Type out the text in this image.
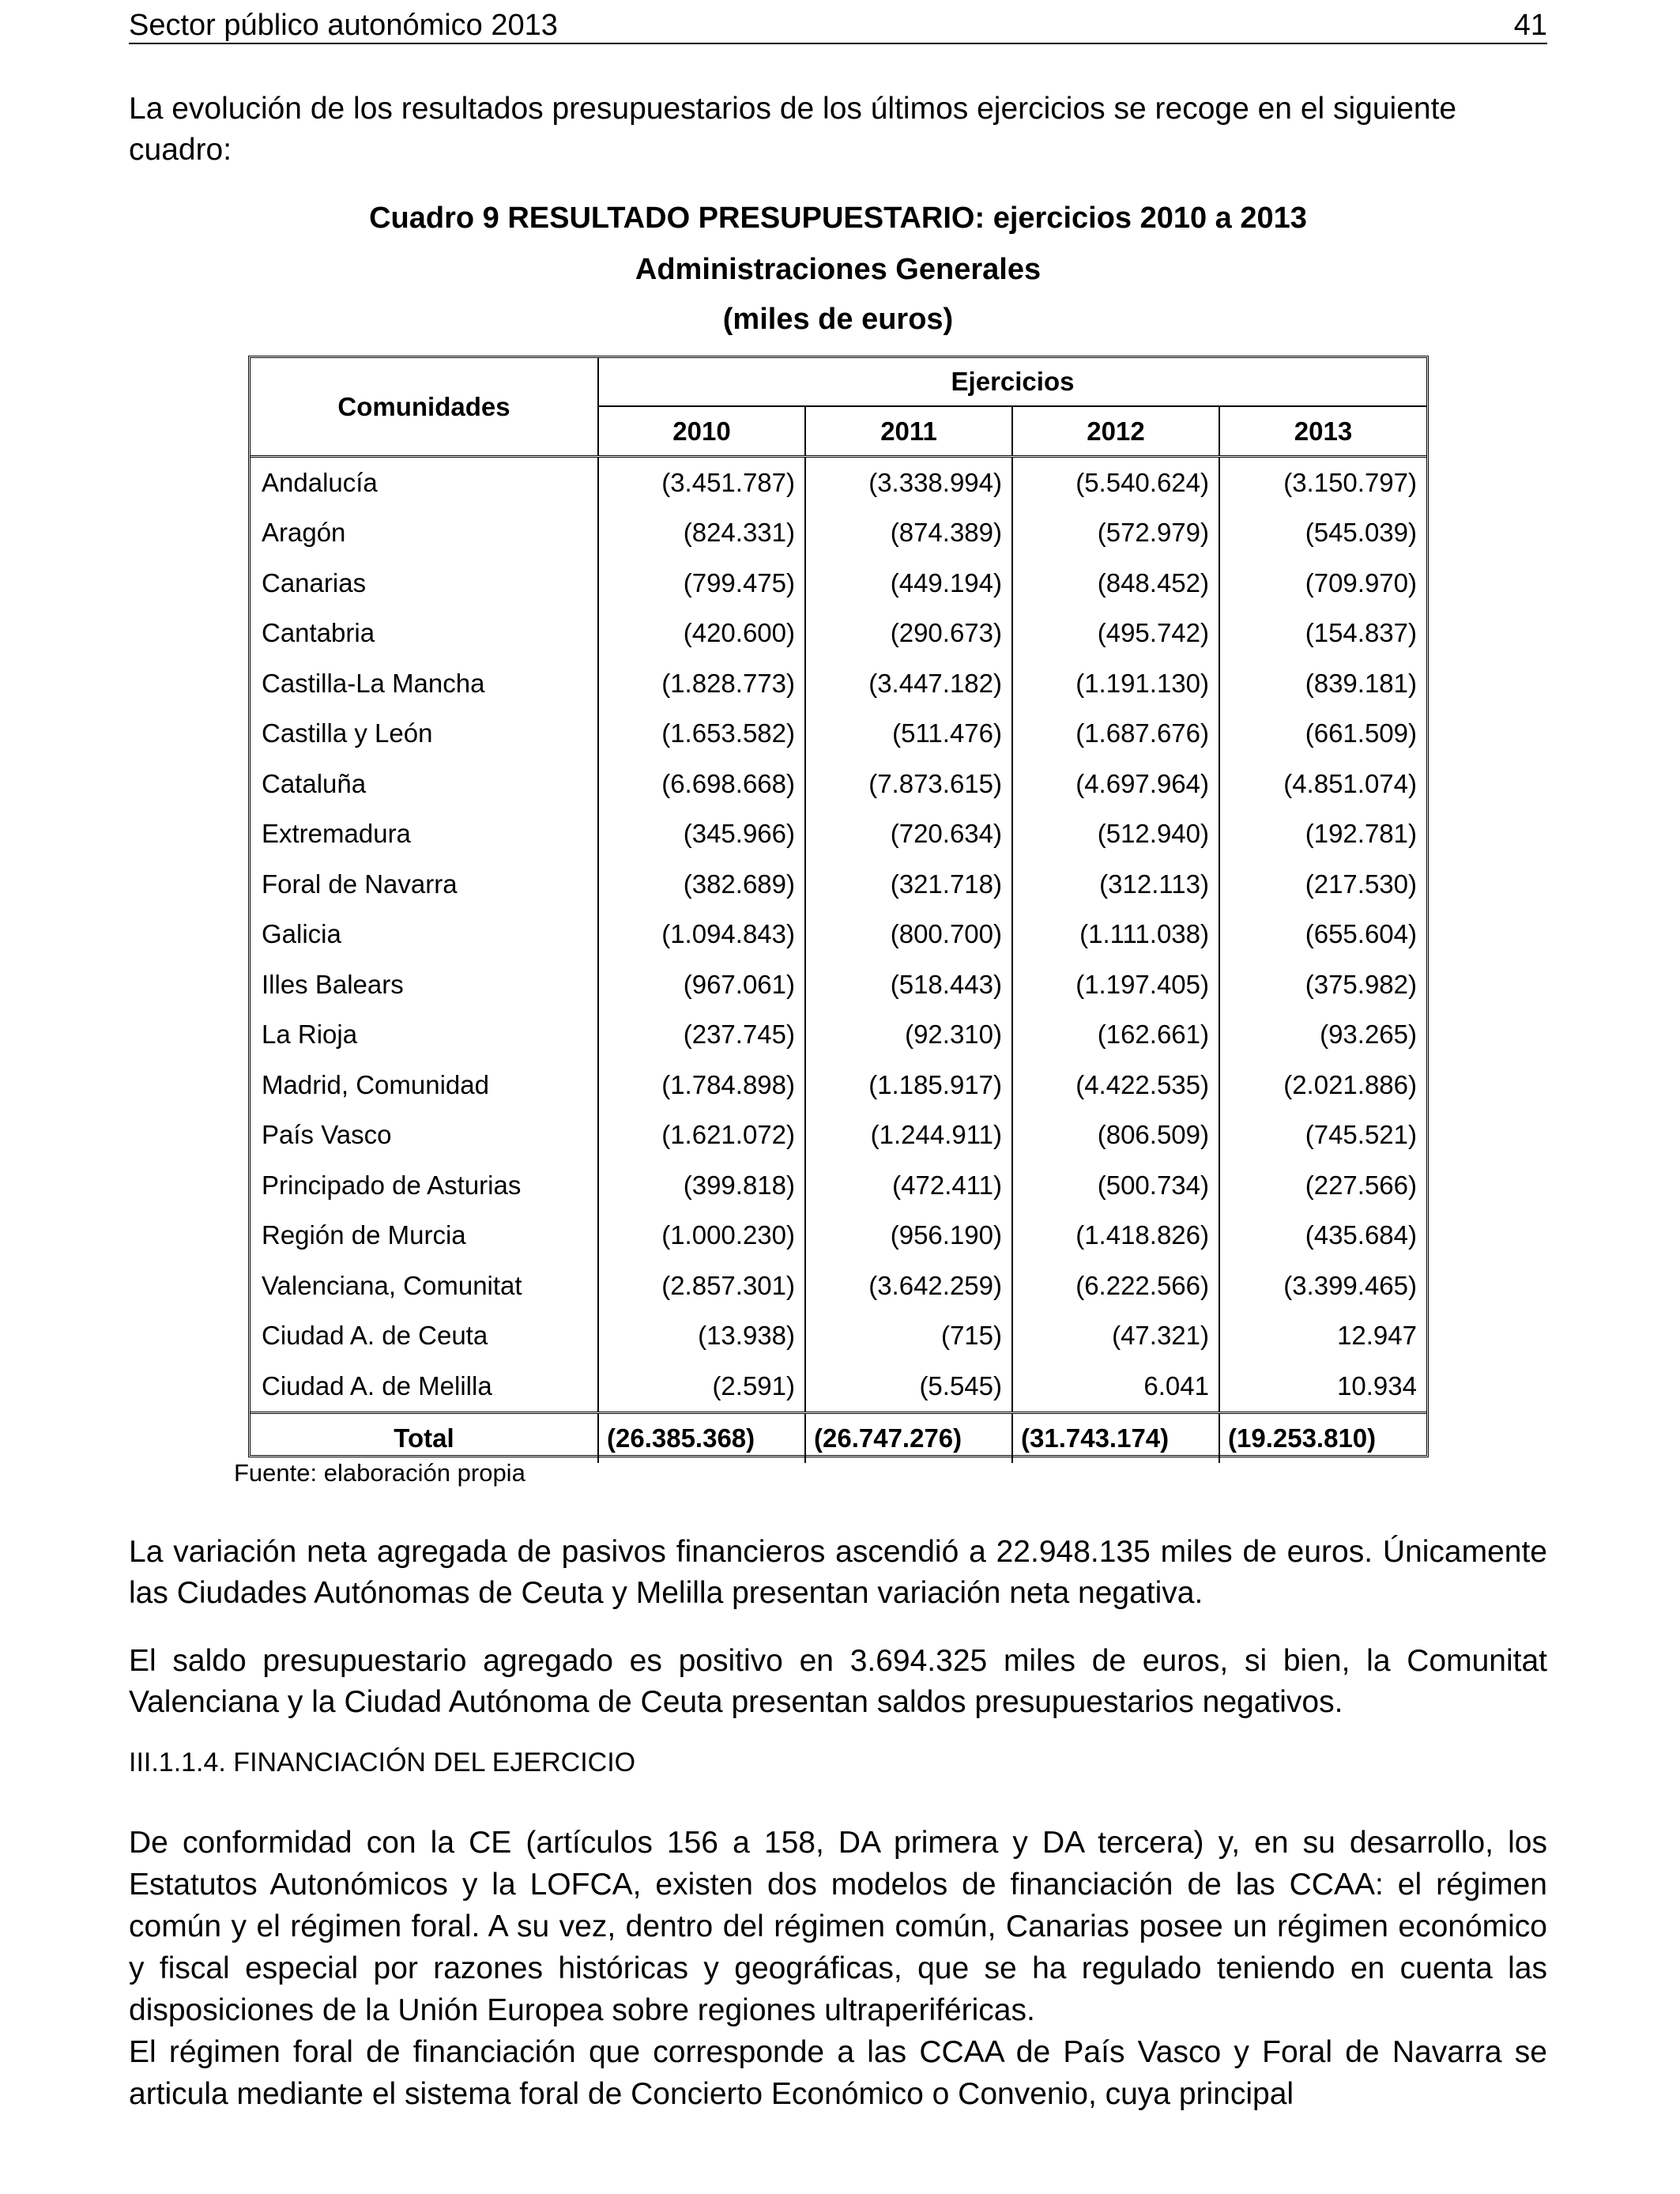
Sector público autonómico 2013	41
La evolución de los resultados presupuestarios de los últimos ejercicios se recoge en el siguiente cuadro:
Cuadro 9 RESULTADO PRESUPUESTARIO: ejercicios 2010 a 2013
Administraciones Generales
(miles de euros)
Comunidades	Ejercicios			
	2010	2011	2012	2013
Andalucía	(3.451.787)	(3.338.994)	(5.540.624)	(3.150.797)
Aragón	(824.331)	(874.389)	(572.979)	(545.039)
Canarias	(799.475)	(449.194)	(848.452)	(709.970)
Cantabria	(420.600)	(290.673)	(495.742)	(154.837)
Castilla-La Mancha	(1.828.773)	(3.447.182)	(1.191.130)	(839.181)
Castilla y León	(1.653.582)	(511.476)	(1.687.676)	(661.509)
Cataluña	(6.698.668)	(7.873.615)	(4.697.964)	(4.851.074)
Extremadura	(345.966)	(720.634)	(512.940)	(192.781)
Foral de Navarra	(382.689)	(321.718)	(312.113)	(217.530)
Galicia	(1.094.843)	(800.700)	(1.111.038)	(655.604)
Illes Balears	(967.061)	(518.443)	(1.197.405)	(375.982)
La Rioja	(237.745)	(92.310)	(162.661)	(93.265)
Madrid, Comunidad	(1.784.898)	(1.185.917)	(4.422.535)	(2.021.886)
País Vasco	(1.621.072)	(1.244.911)	(806.509)	(745.521)
Principado de Asturias	(399.818)	(472.411)	(500.734)	(227.566)
Región de Murcia	(1.000.230)	(956.190)	(1.418.826)	(435.684)
Valenciana, Comunitat	(2.857.301)	(3.642.259)	(6.222.566)	(3.399.465)
Ciudad A. de Ceuta	(13.938)	(715)	(47.321)	12.947
Ciudad A. de Melilla	(2.591)	(5.545)	6.041	10.934
Total	(26.385.368)	(26.747.276)	(31.743.174)	(19.253.810)
Fuente: elaboración propia
La variación neta agregada de pasivos financieros ascendió a 22.948.135 miles de euros. Únicamente las Ciudades Autónomas de Ceuta y Melilla presentan variación neta negativa.
El saldo presupuestario agregado es positivo en 3.694.325 miles de euros, si bien, la Comunitat Valenciana y la Ciudad Autónoma de Ceuta presentan saldos presupuestarios negativos.
III.1.1.4. FINANCIACIÓN DEL EJERCICIO
De conformidad con la CE (artículos 156 a 158, DA primera y DA tercera) y, en su desarrollo, los Estatutos Autonómicos y la LOFCA, existen dos modelos de financiación de las CCAA: el régimen común y el régimen foral. A su vez, dentro del régimen común, Canarias posee un régimen económico y fiscal especial por razones históricas y geográficas, que se ha regulado teniendo en cuenta las disposiciones de la Unión Europea sobre regiones ultraperiféricas.
El régimen foral de financiación que corresponde a las CCAA de País Vasco y Foral de Navarra se articula mediante el sistema foral de Concierto Económico o Convenio, cuya principal
